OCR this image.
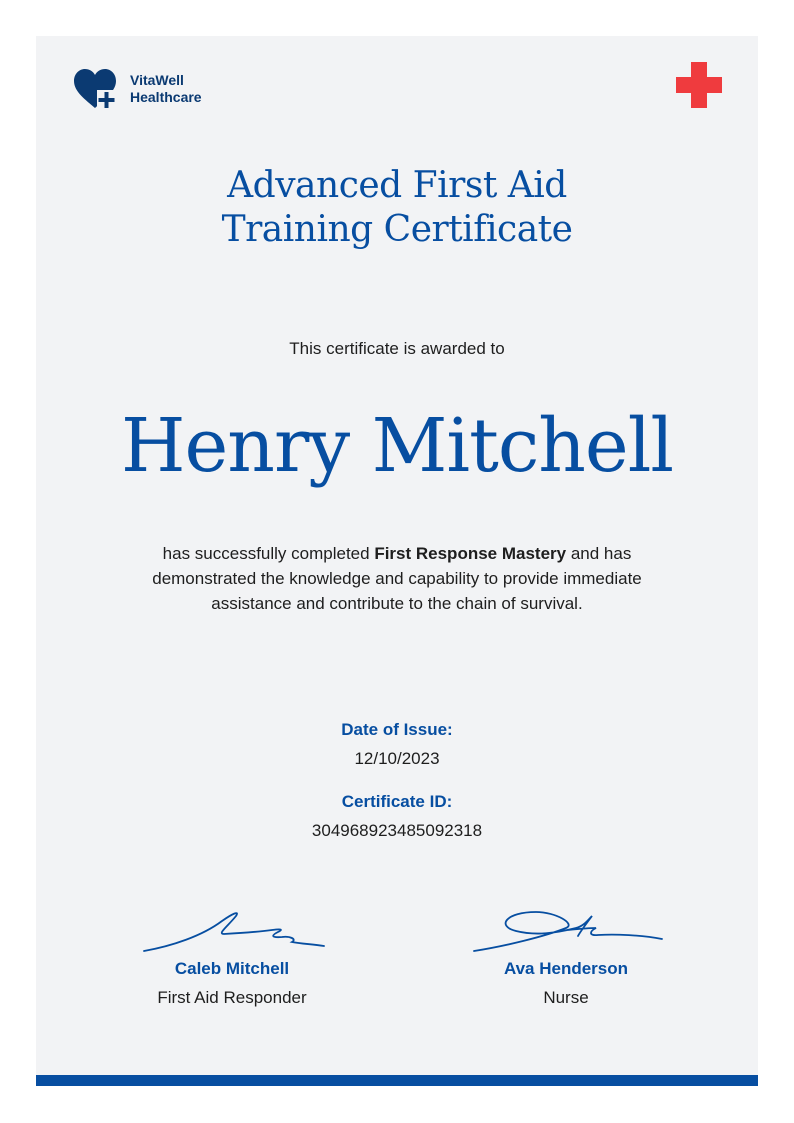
VitaWell
Healthcare
Advanced First Aid
Training Certificate
This certificate is awarded to
Henry Mitchell

has successfully completed First Response Mastery and has demonstrated the knowledge and capability to provide immediate assistance and contribute to the chain of survival.

Date of Issue:
12/10/2023
Certificate ID:
304968923485092318
Caleb Mitchell
First Aid Responder
Ava Henderson
Nurse
